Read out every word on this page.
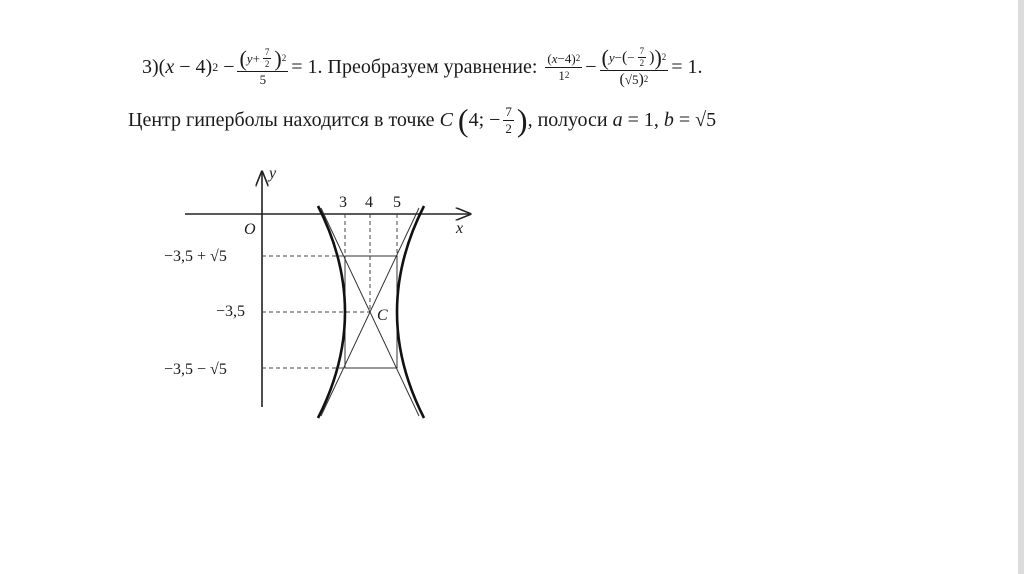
3) ( x
−
4 ) 2
− $\frac{( y + \frac{7}{2} ) 2}{5} = 1$.
Преобразуем уравнение:
$\frac{( x - 4 ) 2}{1 2} - \frac{( y - ( - \frac{7}{2} ) ) 2}{( √5 ) 2} = 1$.
Центр гиперболы находится в точке
C
( 4 ;
− $\frac{7}{2}$ ) ,
полуоси
a
= 1,
b
= √5
y
x
O
3 4 5
−3,5 + √5
−3,5
−3,5 − √5
C
